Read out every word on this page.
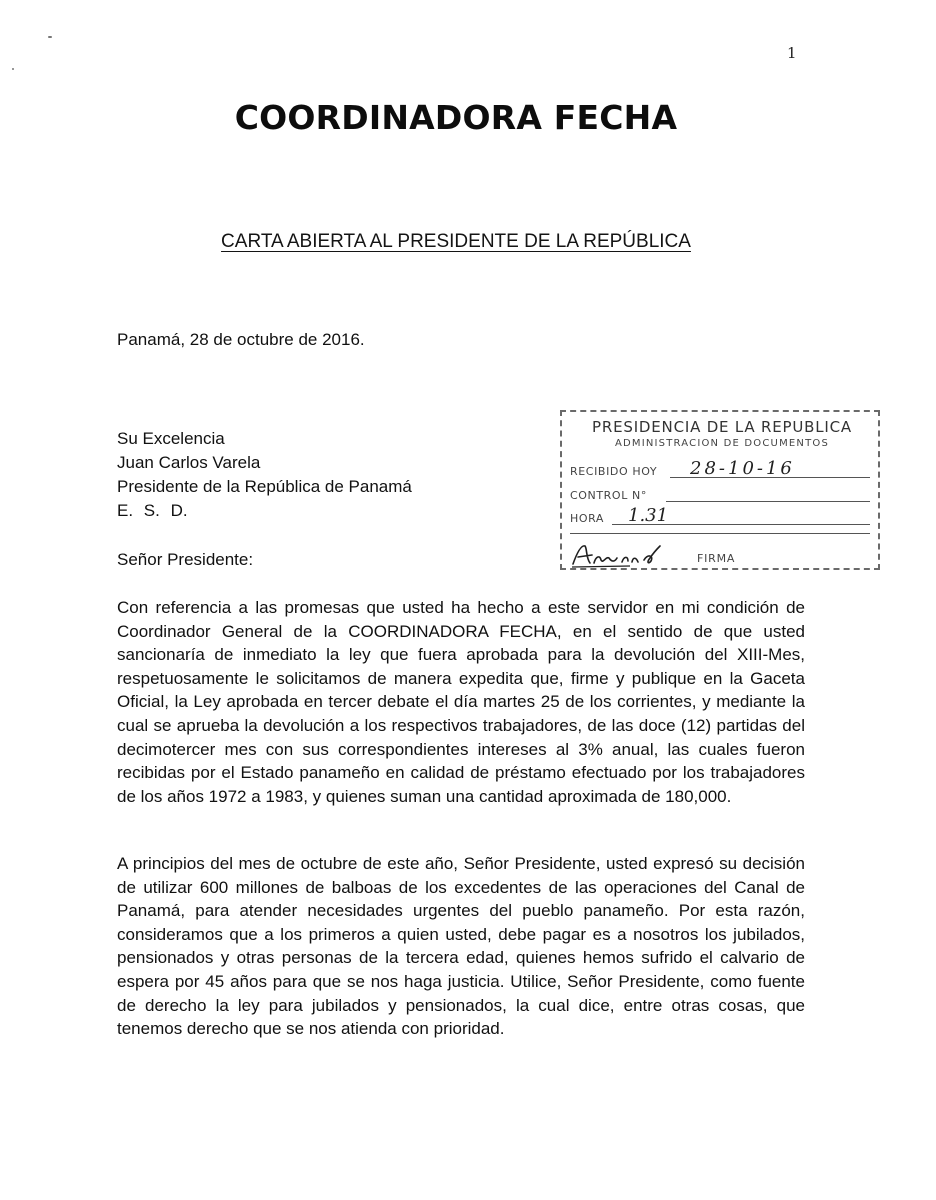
1
COORDINADORA FECHA
CARTA ABIERTA AL PRESIDENTE DE LA REPÚBLICA
Panamá, 28 de octubre de 2016.
Su Excelencia
Juan Carlos Varela
Presidente de la República de Panamá
E. S. D.
Señor Presidente:
Con referencia a las promesas que usted ha hecho a este servidor en mi condición de Coordinador General de la COORDINADORA FECHA, en el sentido de que usted sancionaría de inmediato la ley que fuera aprobada para la devolución del XIII-Mes, respetuosamente le solicitamos de manera expedita que, firme y publique en la Gaceta Oficial, la Ley aprobada en tercer debate el día martes 25 de los corrientes, y mediante la cual se aprueba la devolución a los respectivos trabajadores, de las doce (12) partidas del decimotercer mes con sus correspondientes intereses al 3% anual, las cuales fueron recibidas por el Estado panameño en calidad de préstamo efectuado por los trabajadores de los años 1972 a 1983, y quienes suman una cantidad aproximada de 180,000.
A principios del mes de octubre de este año, Señor Presidente, usted expresó su decisión de utilizar 600 millones de balboas de los excedentes de las operaciones del Canal de Panamá, para atender necesidades urgentes del pueblo panameño. Por esta razón, consideramos que a los primeros a quien usted, debe pagar es a nosotros los jubilados, pensionados y otras personas de la tercera edad, quienes hemos sufrido el calvario de espera por 45 años para que se nos haga justicia. Utilice, Señor Presidente, como fuente de derecho la ley para jubilados y pensionados, la cual dice, entre otras cosas, que tenemos derecho que se nos atienda con prioridad.
PRESIDENCIA DE LA REPUBLICA
ADMINISTRACION DE DOCUMENTOS
RECIBIDO HOY 28-10-16
CONTROL N°
HORA 1.31
FIRMA
